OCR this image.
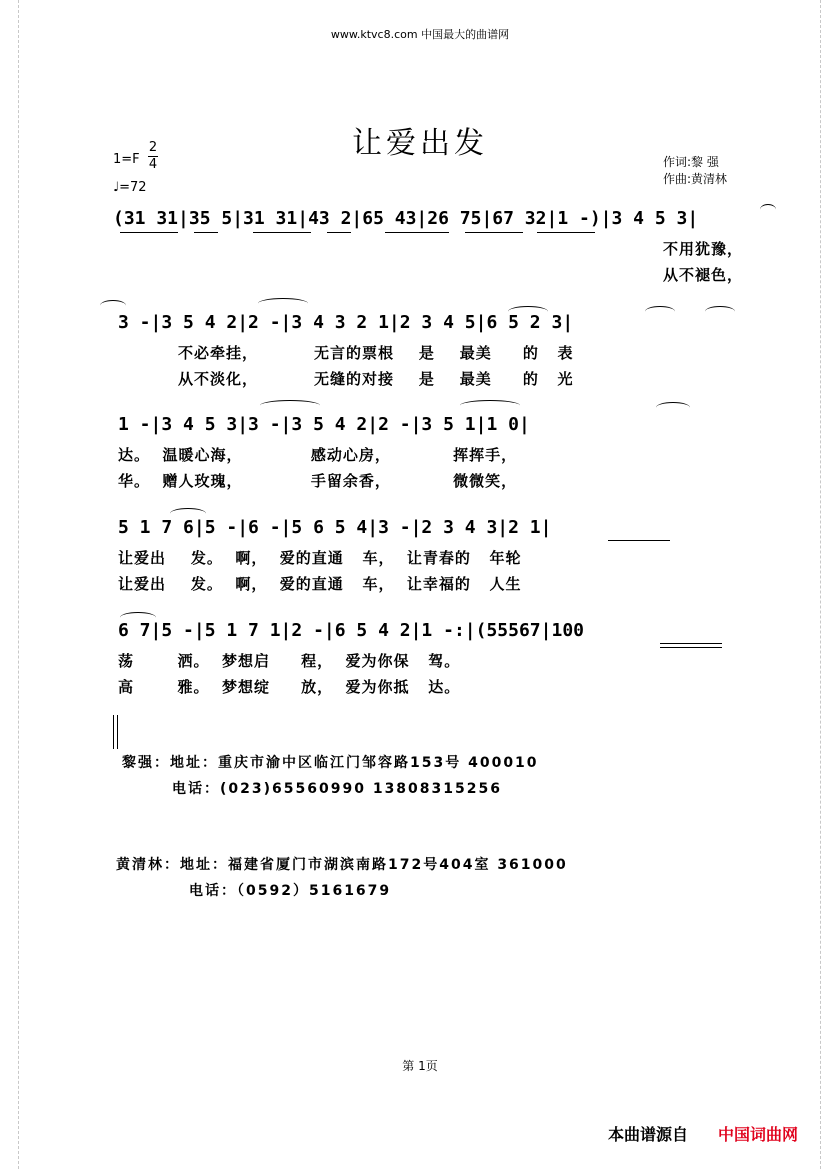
www.ktvc8.com 中国最大的曲谱网
让爱出发
1=F
2
4
♩=72
作词:黎 强
作曲:黄清林
(31 31|35 5|31 31|43 2|65 43|26 75|67 32|1 -)|3 4 5 3|
不用犹豫，
从不褪色，
3 -|3 5 4 2|2 -|3 4 3 2 1|2 3 4 5|6 5 2 3|
不必牵挂，         无言的票根    是    最美     的   表
从不淡化，         无缝的对接    是    最美     的   光
1 -|3 4 5 3|3 -|3 5 4 2|2 -|3 5 1|1 0|
达。  温暖心海，           感动心房，          挥挥手，
华。  赠人玫瑰，           手留余香，          微微笑，
5 1 7 6|5 -|6 -|5 6 5 4|3 -|2 3 4 3|2 1|
让爱出    发。  啊，  爱的直通   车，  让青春的   年轮
让爱出    发。  啊，  爱的直通   车，  让幸福的   人生
6 7|5 -|5 1 7 1|2 -|6 5 4 2|1 -:|(55567|100
荡       洒。  梦想启     程，  爱为你保   驾。
高       雅。  梦想绽     放，  爱为你抵   达。
黎强：地址：重庆市渝中区临江门邹容路153号 400010
电话：(023)65560990 13808315256
黄清林：地址：福建省厦门市湖滨南路172号404室 361000
电话：（0592）5161679
第 1页
本曲谱源自 中国词曲网
